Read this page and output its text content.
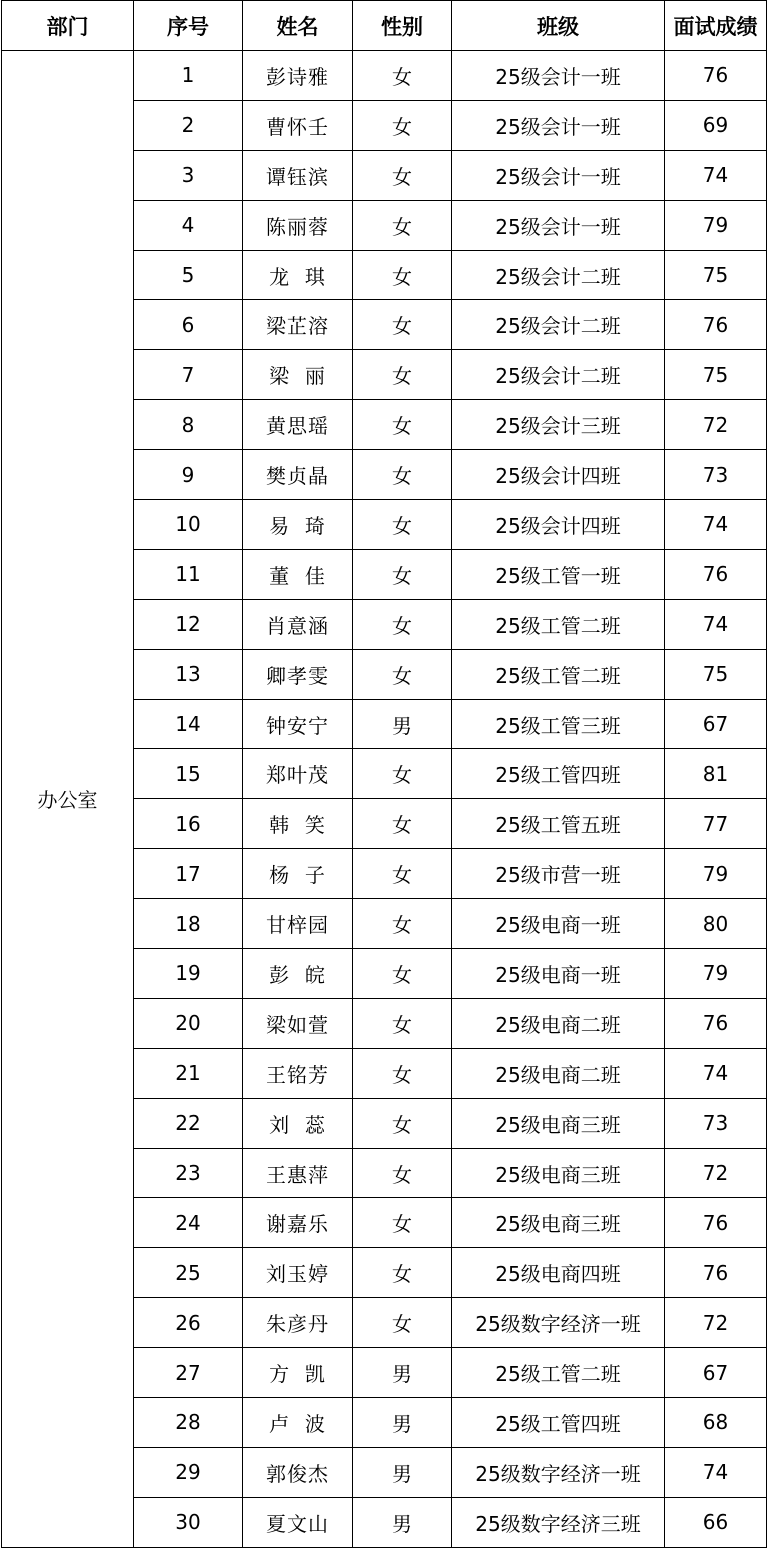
部门	序号	姓名	性别	班级	面试成绩
办公室	1	彭诗雅	女	25级会计一班	76
	2	曹怀壬	女	25级会计一班	69
	3	谭钰滨	女	25级会计一班	74
	4	陈丽蓉	女	25级会计一班	79
	5	龙  琪	女	25级会计二班	75
	6	梁芷溶	女	25级会计二班	76
	7	梁  丽	女	25级会计二班	75
	8	黄思瑶	女	25级会计三班	72
	9	樊贞晶	女	25级会计四班	73
	10	易  琦	女	25级会计四班	74
	11	董  佳	女	25级工管一班	76
	12	肖意涵	女	25级工管二班	74
	13	卿孝雯	女	25级工管二班	75
	14	钟安宁	男	25级工管三班	67
	15	郑叶茂	女	25级工管四班	81
	16	韩  笑	女	25级工管五班	77
	17	杨  子	女	25级市营一班	79
	18	甘梓园	女	25级电商一班	80
	19	彭  皖	女	25级电商一班	79
	20	梁如萱	女	25级电商二班	76
	21	王铭芳	女	25级电商二班	74
	22	刘  蕊	女	25级电商三班	73
	23	王惠萍	女	25级电商三班	72
	24	谢嘉乐	女	25级电商三班	76
	25	刘玉婷	女	25级电商四班	76
	26	朱彦丹	女	25级数字经济一班	72
	27	方  凯	男	25级工管二班	67
	28	卢  波	男	25级工管四班	68
	29	郭俊杰	男	25级数字经济一班	74
	30	夏文山	男	25级数字经济三班	66
